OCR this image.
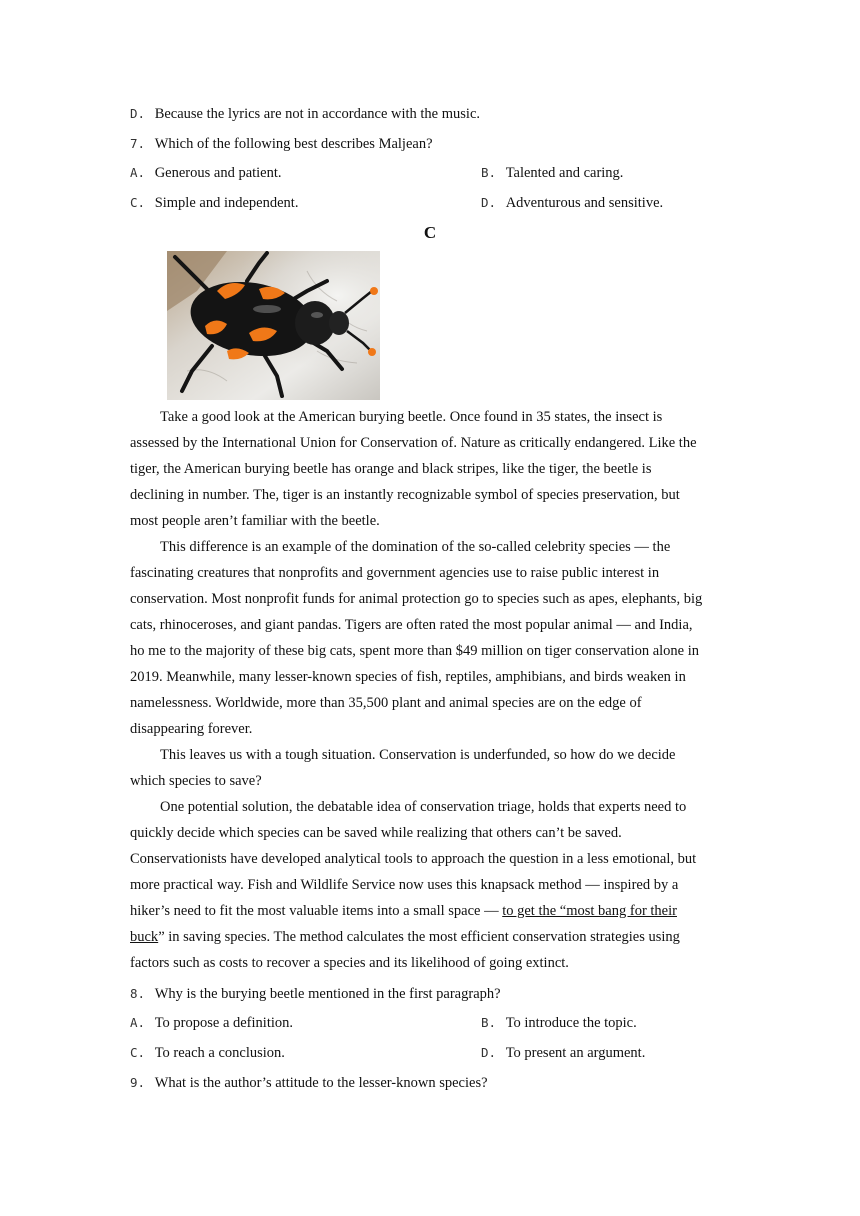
D. Because the lyrics are not in accordance with the music.
7. Which of the following best describes Maljean?
A. Generous and patient.	B. Talented and caring.
C. Simple and independent.	D. Adventurous and sensitive.
C
Take a good look at the American burying beetle. Once found in 35 states, the insect is
assessed by the International Union for Conservation of. Nature as critically endangered. Like the
tiger, the American burying beetle has orange and black stripes, like the tiger, the beetle is
declining in number. The, tiger is an instantly recognizable symbol of species preservation, but
most people aren’t familiar with the beetle.
This difference is an example of the domination of the so-called celebrity species — the
fascinating creatures that nonprofits and government agencies use to raise public interest in
conservation. Most nonprofit funds for animal protection go to species such as apes, elephants, big
cats, rhinoceroses, and giant pandas. Tigers are often rated the most popular animal — and India,
ho me to the majority of these big cats, spent more than $49 million on tiger conservation alone in
2019. Meanwhile, many lesser-known species of fish, reptiles, amphibians, and birds weaken in
namelessness. Worldwide, more than 35,500 plant and animal species are on the edge of
disappearing forever.
This leaves us with a tough situation. Conservation is underfunded, so how do we decide
which species to save?
One potential solution, the debatable idea of conservation triage, holds that experts need to
quickly decide which species can be saved while realizing that others can’t be saved.
Conservationists have developed analytical tools to approach the question in a less emotional, but
more practical way. Fish and Wildlife Service now uses this knapsack method — inspired by a
hiker’s need to fit the most valuable items into a small space — to get the “most bang for their
buck” in saving species. The method calculates the most efficient conservation strategies using
factors such as costs to recover a species and its likelihood of going extinct.
8. Why is the burying beetle mentioned in the first paragraph?
A. To propose a definition.	B. To introduce the topic.
C. To reach a conclusion.	D. To present an argument.
9. What is the author’s attitude to the lesser-known species?
